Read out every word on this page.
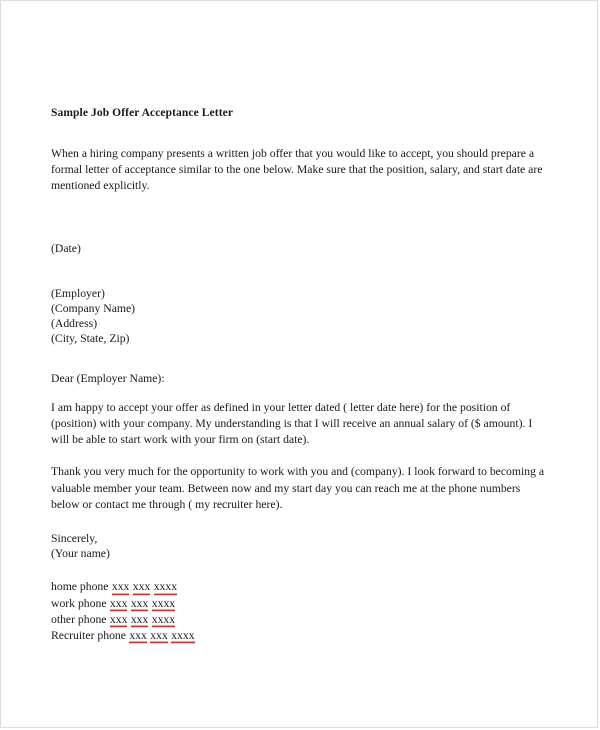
Sample Job Offer Acceptance Letter
When a hiring company presents a written job offer that you would like to accept, you should prepare a formal letter of acceptance similar to the one below. Make sure that the position, salary, and start date are mentioned explicitly.
(Date)
(Employer)
(Company Name)
(Address)
(City, State, Zip)
Dear (Employer Name):
I am happy to accept your offer as defined in your letter dated ( letter date here) for the position of (position) with your company. My understanding is that I will receive an annual salary of ($ amount). I will be able to start work with your firm on (start date).
Thank you very much for the opportunity to work with you and (company). I look forward to becoming a valuable member your team. Between now and my start day you can reach me at the phone numbers below or contact me through ( my recruiter here).
Sincerely,
(Your name)
home phone xxx xxx xxxx
work phone xxx xxx xxxx
other phone xxx xxx xxxx
Recruiter phone xxx xxx xxxx
